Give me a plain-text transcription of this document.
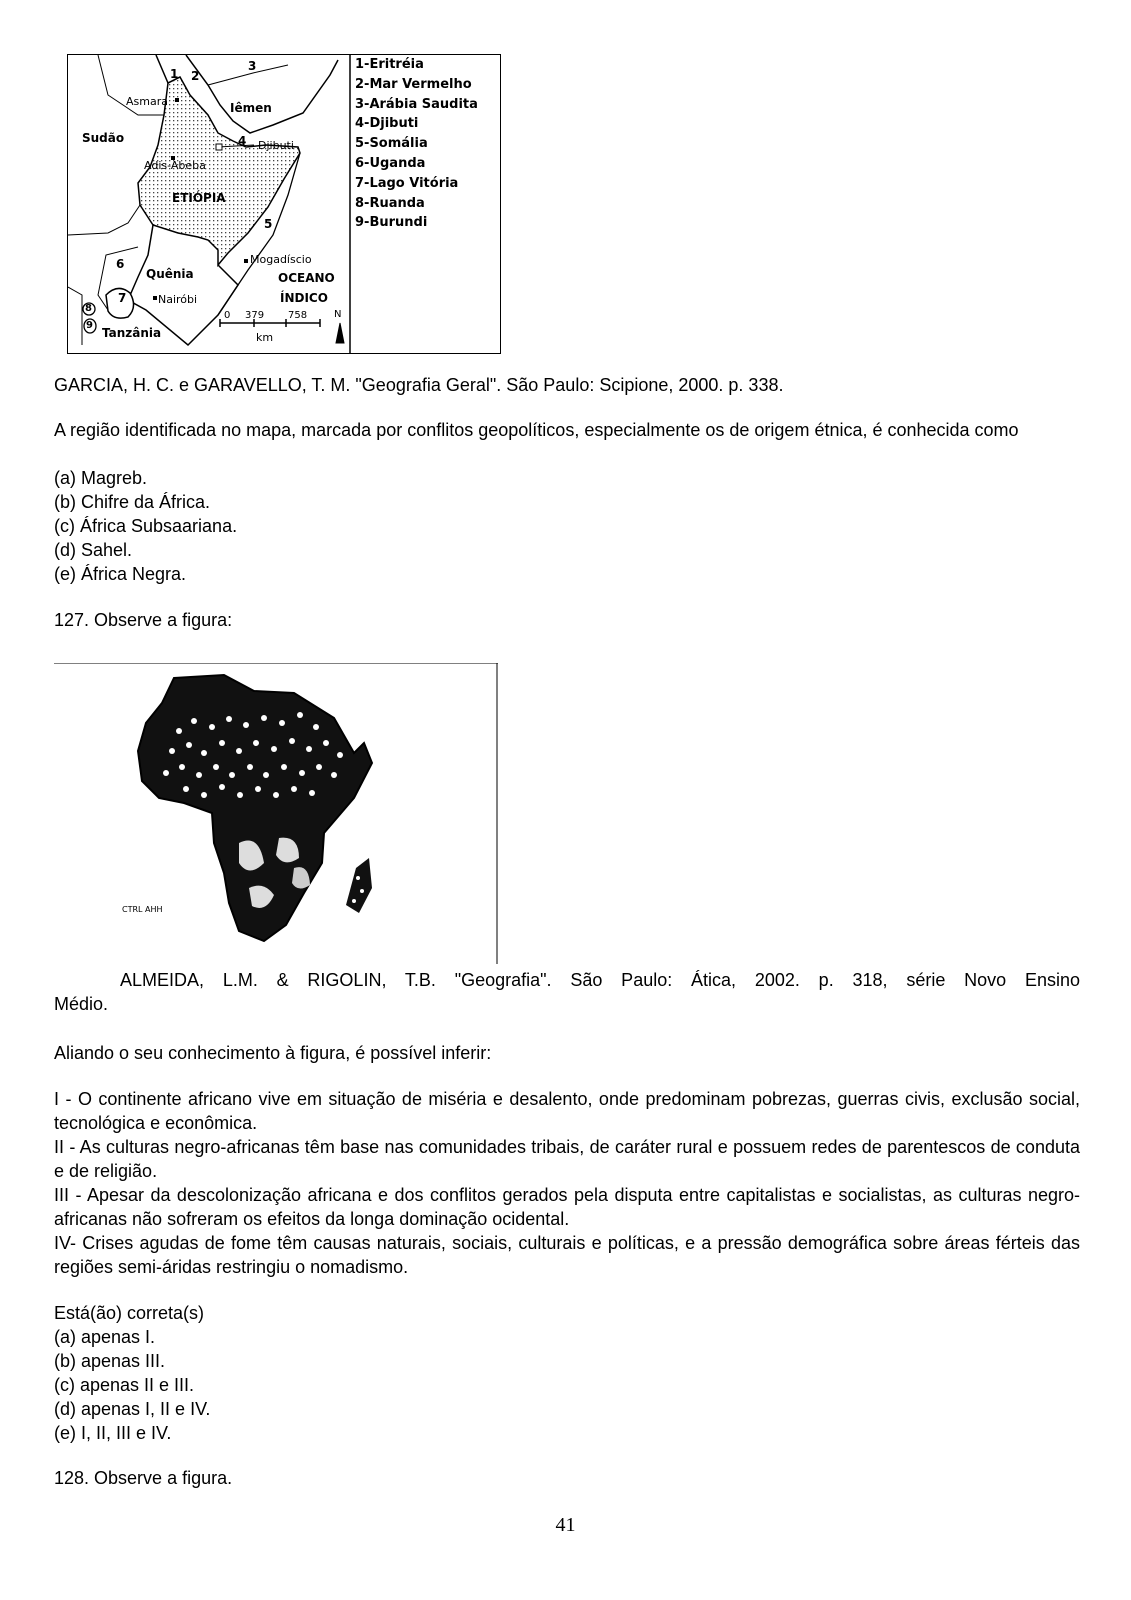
1-Eritréia
2-Mar Vermelho
3-Arábia Saudita
4-Djibuti
5-Somália
6-Uganda
7-Lago Vitória
8-Ruanda
9-Burundi
1 2
3
4
5
6
7
8
9
Asmara	Iêmen
Sudão
Djibuti
Adis-Abeba
ETIÓPIA
Quênia
Mogadíscio
OCEANO
ÍNDICO
Nairóbi
Tanzânia
0 379 758
km
N
GARCIA, H. C. e GARAVELLO, T. M. "Geografia Geral". São Paulo: Scipione, 2000. p. 338.
A região identificada no mapa, marcada por conflitos geopolíticos, especialmente os de origem étnica, é conhecida como
(a) Magreb.
(b) Chifre da África.
(c) África Subsaariana.
(d) Sahel.
(e) África Negra.
127. Observe a figura:
CTRL AHH
ALMEIDA, L.M. & RIGOLIN, T.B. "Geografia". São Paulo: Ática, 2002. p. 318, série Novo Ensino
Médio.
Aliando o seu conhecimento à figura, é possível inferir:
I - O continente africano vive em situação de miséria e desalento, onde predominam pobrezas, guerras civis, exclusão social, tecnológica e econômica.
II - As culturas negro-africanas têm base nas comunidades tribais, de caráter rural e possuem redes de parentescos de conduta e de religião.
III - Apesar da descolonização africana e dos conflitos gerados pela disputa entre capitalistas e socialistas, as culturas negro-africanas não sofreram os efeitos da longa dominação ocidental.
IV- Crises agudas de fome têm causas naturais, sociais, culturais e políticas, e a pressão demográfica sobre áreas férteis das regiões semi-áridas restringiu o nomadismo.
Está(ão) correta(s)
(a) apenas I.
(b) apenas III.
(c) apenas II e III.
(d) apenas I, II e IV.
(e) I, II, III e IV.
128. Observe a figura.
41
